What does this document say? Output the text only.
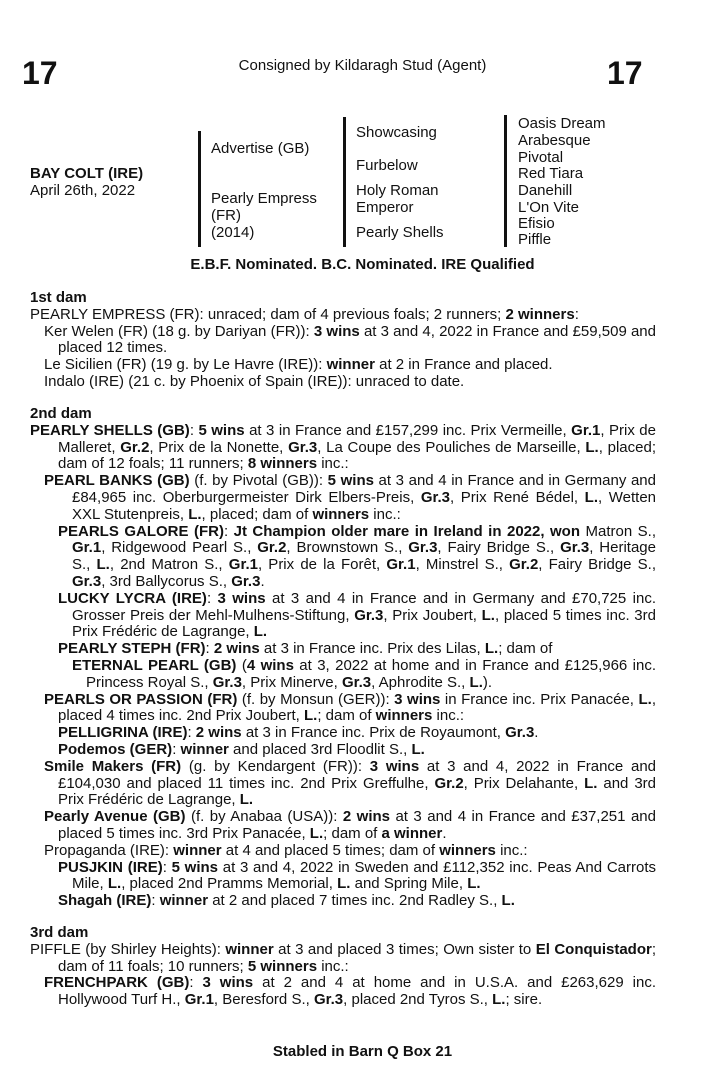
17	17
Consigned by Kildaragh Stud (Agent)
BAY COLT (IRE)
April 26th, 2022
Advertise (GB)
Pearly Empress
(FR)
(2014)
Showcasing
Furbelow
Holy Roman
Emperor
Pearly Shells
Oasis Dream
Arabesque
Pivotal
Red Tiara
Danehill
L'On Vite
Efisio
Piffle
E.B.F. Nominated. B.C. Nominated. IRE Qualified
1st dam
PEARLY EMPRESS (FR): unraced; dam of 4 previous foals; 2 runners; 2 winners:
Ker Welen (FR) (18 g. by Dariyan (FR)): 3 wins at 3 and 4, 2022 in France and £59,509 and placed 12 times.
Le Sicilien (FR) (19 g. by Le Havre (IRE)): winner at 2 in France and placed.
Indalo (IRE) (21 c. by Phoenix of Spain (IRE)): unraced to date.
2nd dam
PEARLY SHELLS (GB): 5 wins at 3 in France and £157,299 inc. Prix Vermeille, Gr.1, Prix de Malleret, Gr.2, Prix de la Nonette, Gr.3, La Coupe des Pouliches de Marseille, L., placed; dam of 12 foals; 11 runners; 8 winners inc.:
PEARL BANKS (GB) (f. by Pivotal (GB)): 5 wins at 3 and 4 in France and in Germany and £84,965 inc. Oberburgermeister Dirk Elbers-Preis, Gr.3, Prix René Bédel, L., Wetten XXL Stutenpreis, L., placed; dam of winners inc.:
PEARLS GALORE (FR): Jt Champion older mare in Ireland in 2022, won Matron S., Gr.1, Ridgewood Pearl S., Gr.2, Brownstown S., Gr.3, Fairy Bridge S., Gr.3, Heritage S., L., 2nd Matron S., Gr.1, Prix de la Forêt, Gr.1, Minstrel S., Gr.2, Fairy Bridge S., Gr.3, 3rd Ballycorus S., Gr.3.
LUCKY LYCRA (IRE): 3 wins at 3 and 4 in France and in Germany and £70,725 inc. Grosser Preis der Mehl-Mulhens-Stiftung, Gr.3, Prix Joubert, L., placed 5 times inc. 3rd Prix Frédéric de Lagrange, L.
PEARLY STEPH (FR): 2 wins at 3 in France inc. Prix des Lilas, L.; dam of
ETERNAL PEARL (GB) (4 wins at 3, 2022 at home and in France and £125,966 inc. Princess Royal S., Gr.3, Prix Minerve, Gr.3, Aphrodite S., L.).
PEARLS OR PASSION (FR) (f. by Monsun (GER)): 3 wins in France inc. Prix Panacée, L., placed 4 times inc. 2nd Prix Joubert, L.; dam of winners inc.:
PELLIGRINA (IRE): 2 wins at 3 in France inc. Prix de Royaumont, Gr.3.
Podemos (GER): winner and placed 3rd Floodlit S., L.
Smile Makers (FR) (g. by Kendargent (FR)): 3 wins at 3 and 4, 2022 in France and £104,030 and placed 11 times inc. 2nd Prix Greffulhe, Gr.2, Prix Delahante, L. and 3rd Prix Frédéric de Lagrange, L.
Pearly Avenue (GB) (f. by Anabaa (USA)): 2 wins at 3 and 4 in France and £37,251 and placed 5 times inc. 3rd Prix Panacée, L.; dam of a winner.
Propaganda (IRE): winner at 4 and placed 5 times; dam of winners inc.:
PUSJKIN (IRE): 5 wins at 3 and 4, 2022 in Sweden and £112,352 inc. Peas And Carrots Mile, L., placed 2nd Pramms Memorial, L. and Spring Mile, L.
Shagah (IRE): winner at 2 and placed 7 times inc. 2nd Radley S., L.
3rd dam
PIFFLE (by Shirley Heights): winner at 3 and placed 3 times; Own sister to El Conquistador; dam of 11 foals; 10 runners; 5 winners inc.:
FRENCHPARK (GB): 3 wins at 2 and 4 at home and in U.S.A. and £263,629 inc. Hollywood Turf H., Gr.1, Beresford S., Gr.3, placed 2nd Tyros S., L.; sire.
Stabled in Barn Q Box 21
